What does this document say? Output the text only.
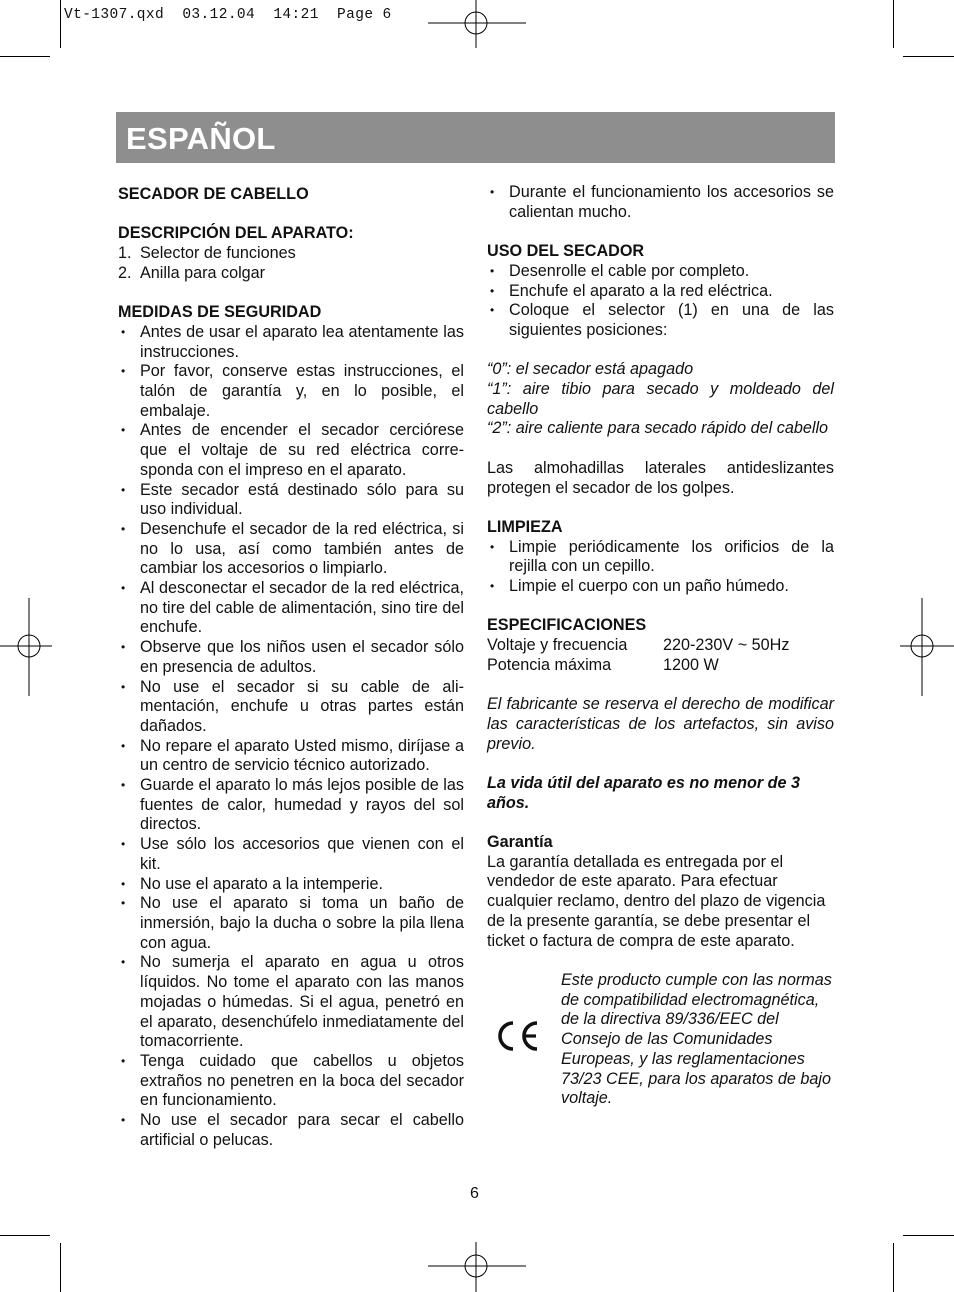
Vt-1307.qxd  03.12.04  14:21  Page 6
ESPAÑOL
SECADOR DE CABELLO
DESCRIPCIÓN DEL APARATO:
1. Selector de funciones
2. Anilla para colgar
MEDIDAS DE SEGURIDAD
• Antes de usar el aparato lea atentamente las instrucciones.
• Por favor, conserve estas instrucciones, el talón de garantía y, en lo posible, el embalaje.
• Antes de encender el secador cerciórese que el voltaje de su red eléctrica corresponda con el impreso en el aparato.
• Este secador está destinado sólo para su uso individual.
• Desenchufe el secador de la red eléctrica, si no lo usa, así como también antes de cambiar los accesorios o limpiarlo.
• Al desconectar el secador de la red eléctrica, no tire del cable de alimentación, sino tire del enchufe.
• Observe que los niños usen el secador sólo en presencia de adultos.
• No use el secador si su cable de alimentación, enchufe u otras partes están dañados.
• No repare el aparato Usted mismo, diríjase a un centro de servicio técnico autorizado.
• Guarde el aparato lo más lejos posible de las fuentes de calor, humedad y rayos del sol directos.
• Use sólo los accesorios que vienen con el kit.
• No use el aparato a la intemperie.
• No use el aparato si toma un baño de inmersión, bajo la ducha o sobre la pila llena con agua.
• No sumerja el aparato en agua u otros líquidos. No tome el aparato con las manos mojadas o húmedas. Si el agua, penetró en el aparato, desenchúfelo inmediatamente del tomacorriente.
• Tenga cuidado que cabellos u objetos extraños no penetren en la boca del secador en funcionamiento.
• No use el secador para secar el cabello artificial o pelucas.
• Durante el funcionamiento los accesorios se calientan mucho.
USO DEL SECADOR
• Desenrolle el cable por completo.
• Enchufe el aparato a la red eléctrica.
• Coloque el selector (1) en una de las siguientes posiciones:
“0”: el secador está apagado
“1”: aire tibio para secado y moldeado del cabello
“2”: aire caliente para secado rápido del cabello
Las almohadillas laterales antideslizantes protegen el secador de los golpes.
LIMPIEZA
• Limpie periódicamente los orificios de la rejilla con un cepillo.
• Limpie el cuerpo con un paño húmedo.
ESPECIFICACIONES
Voltaje y frecuencia	220-230V ~ 50Hz
Potencia máxima	1200 W
El fabricante se reserva el derecho de modificar las características de los artefactos, sin aviso previo.
La vida útil del aparato es no menor de 3 años.
Garantía
La garantía detallada es entregada por el vendedor de este aparato. Para efectuar cualquier reclamo, dentro del plazo de vigencia de la presente garantía, se debe presentar el ticket o factura de compra de este aparato.
Este producto cumple con las normas de compatibilidad electromagnética, de la directiva 89/336/EEC del Consejo de las Comunidades Europeas, y las reglamentaciones 73/23 CEE, para los aparatos de bajo voltaje.
6
